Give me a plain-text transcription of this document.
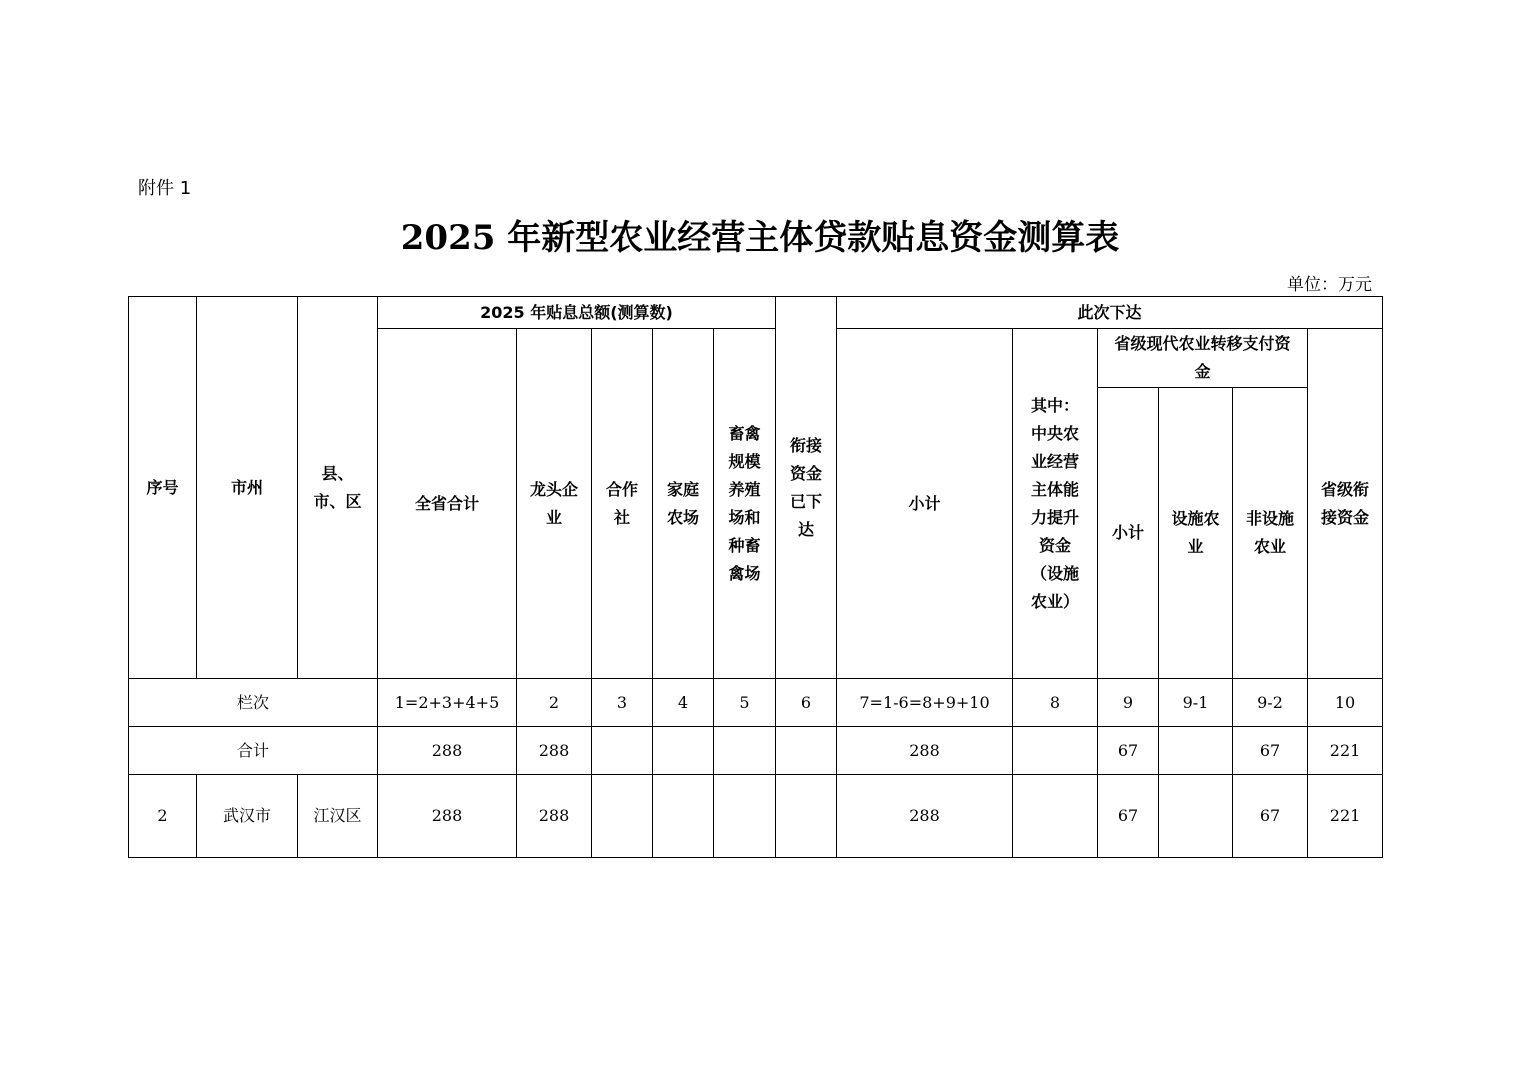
附件 1
2025 年新型农业经营主体贷款贴息资金测算表
单位：万元
序号	市州	县、市、区	2025 年贴息总额(测算数)					衔接资金已下达	此次下达					
			全省合计	龙头企业	合作社	家庭农场	畜禽规模养殖场和种畜禽场		小计	其中：中央农业经营主体能力提升资金（设施农业）	省级现代农业转移支付资金			省级衔接资金
											小计	设施农业	非设施农业	
栏次			1=2+3+4+5	2	3	4	5	6	7=1-6=8+9+10	8	9	9-1	9-2	10
合计			288	288					288		67		67	221
2	武汉市	江汉区	288	288					288		67		67	221
